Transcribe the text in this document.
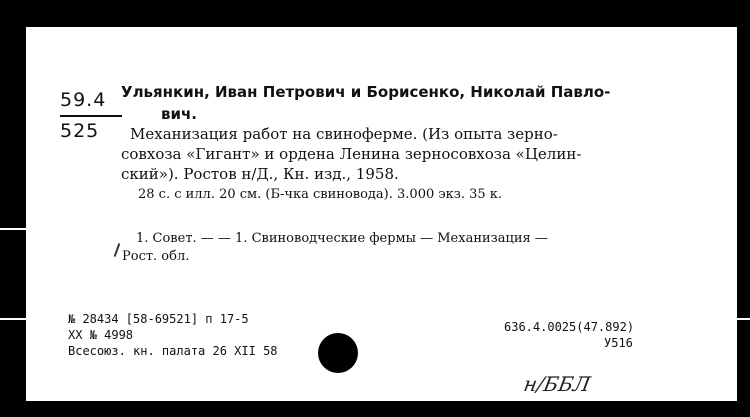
59.4
525
Ульянкин, Иван Петрович и Борисенко, Николай Павло-
вич.
Механизация работ на свиноферме. (Из опыта зерно-
совхоза «Гигант» и ордена Ленина зерносовхоза «Целин-
ский»). Ростов н/Д., Кн. изд., 1958.
28 с. с илл. 20 см. (Б-чка свиновода). 3.000 экз. 35 к.
1. Совет. — — 1. Свиноводческие фермы — Механизация —
Рост. обл.
№ 28434 [58-69521] п 17-5
XX № 4998
Всесоюз. кн. палата 26 XII 58
636.4.0025(47.892)
У516
н/ББЛ
